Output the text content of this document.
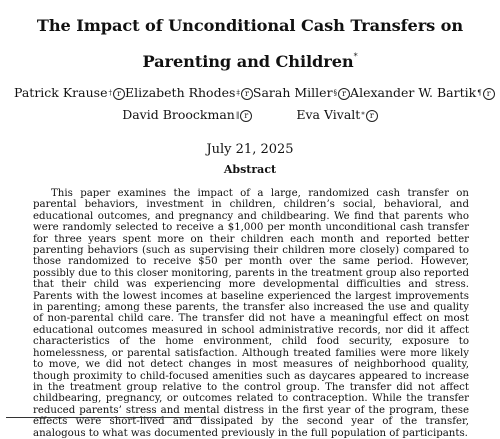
The Impact of Unconditional Cash Transfers on Parenting and Children*
Patrick Krause † r Elizabeth Rhodes ‡ r Sarah Miller § r Alexander W. Bartik ¶ r
David Broockman ‖ r	Eva Vivalt * r
July 21, 2025
Abstract
This paper examines the impact of a large, randomized cash transfer on parental behaviors, investment in children, children’s social, behavioral, and educational outcomes, and pregnancy and childbearing. We find that parents who were randomly selected to receive a $1,000 per month unconditional cash transfer for three years spent more on their children each month and reported better parenting behaviors (such as supervising their children more closely) compared to those randomized to receive $50 per month over the same period. However, possibly due to this closer monitoring, parents in the treatment group also reported that their child was experiencing more developmental difficulties and stress. Parents with the lowest incomes at baseline experienced the largest improvements in parenting; among these parents, the transfer also increased the use and quality of non-parental child care. The transfer did not have a meaningful effect on most educational outcomes measured in school administrative records, nor did it affect characteristics of the home environment, child food security, exposure to homelessness, or parental satisfaction. Although treated families were more likely to move, we did not detect changes in most measures of neighborhood quality, though proximity to child-focused amenities such as daycares appeared to increase in the treatment group relative to the control group. The transfer did not affect childbearing, pregnancy, or outcomes related to contraception. While the transfer reduced parents’ stress and mental distress in the first year of the program, these effects were short-lived and dissipated by the second year of the transfer, analogous to what was documented previously in the full population of participants.
